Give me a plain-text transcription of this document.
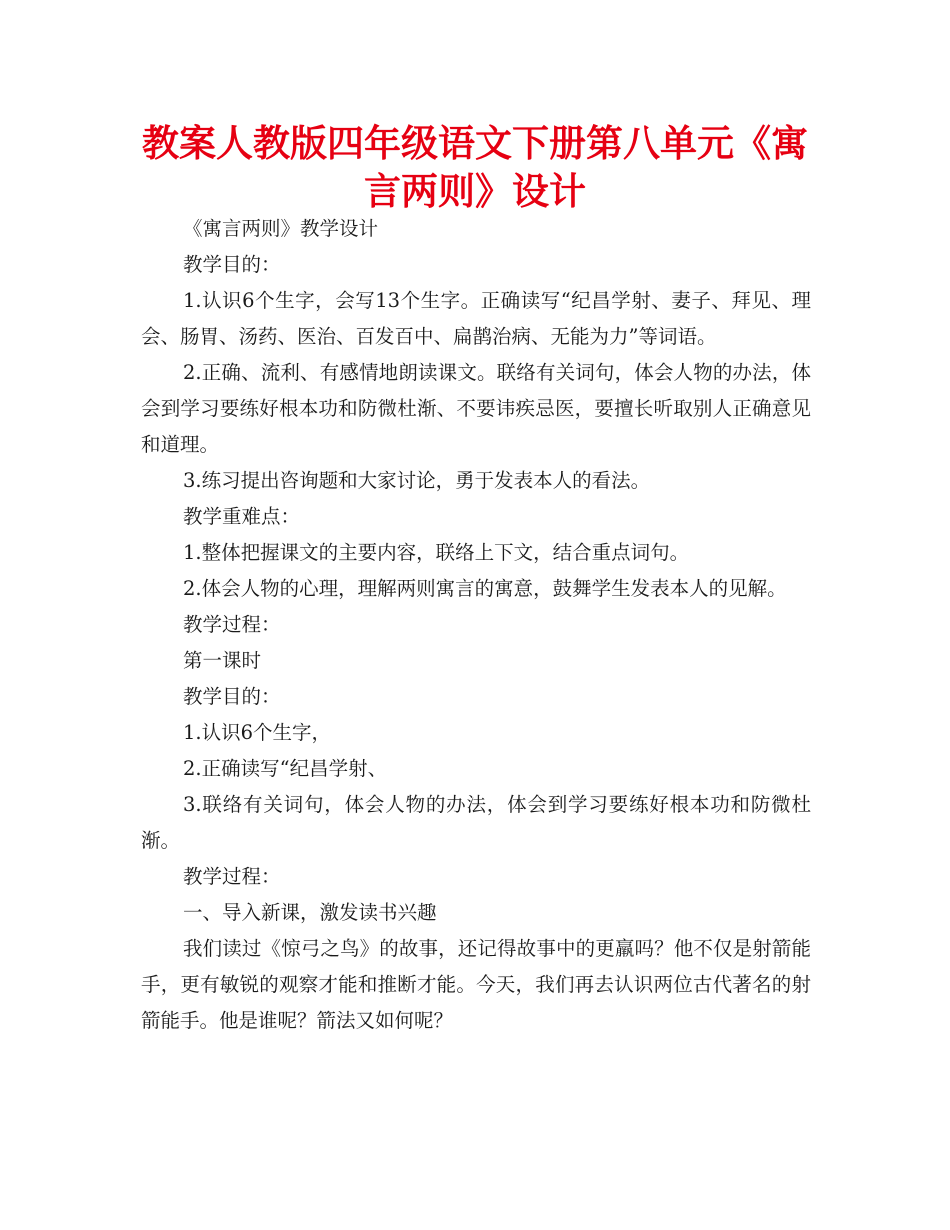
教案人教版四年级语文下册第八单元《寓言两则》设计

《寓言两则》教学设计

教学目的：

1.认识6个生字，会写13个生字。正确读写“纪昌学射、妻子、拜见、理会、肠胃、汤药、医治、百发百中、扁鹊治病、无能为力”等词语。

2.正确、流利、有感情地朗读课文。联络有关词句，体会人物的办法，体会到学习要练好根本功和防微杜渐、不要讳疾忌医，要擅长听取别人正确意见和道理。

3.练习提出咨询题和大家讨论，勇于发表本人的看法。

教学重难点：

1.整体把握课文的主要内容，联络上下文，结合重点词句。

2.体会人物的心理，理解两则寓言的寓意，鼓舞学生发表本人的见解。

教学过程：

第一课时

教学目的：

1.认识6个生字，

2.正确读写“纪昌学射、

3.联络有关词句，体会人物的办法，体会到学习要练好根本功和防微杜渐。

教学过程：

一、导入新课，激发读书兴趣

我们读过《惊弓之鸟》的故事，还记得故事中的更羸吗？他不仅是射箭能手，更有敏锐的观察才能和推断才能。今天，我们再去认识两位古代著名的射箭能手。他是谁呢？箭法又如何呢？
